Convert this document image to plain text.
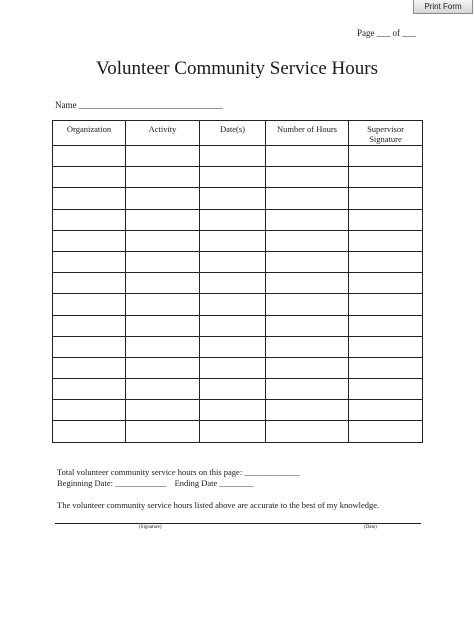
Print Form
Page ___ of ___
Volunteer Community Service Hours
Name ________________________________
Organization	Activity	Date(s)	Number of Hours	Supervisor
Signature

Total volunteer community service hours on this page: _____________
Beginning Date: ____________    Ending Date ________
The volunteer community service hours listed above are accurate to the best of my knowledge.
(Signature)	(Date)
